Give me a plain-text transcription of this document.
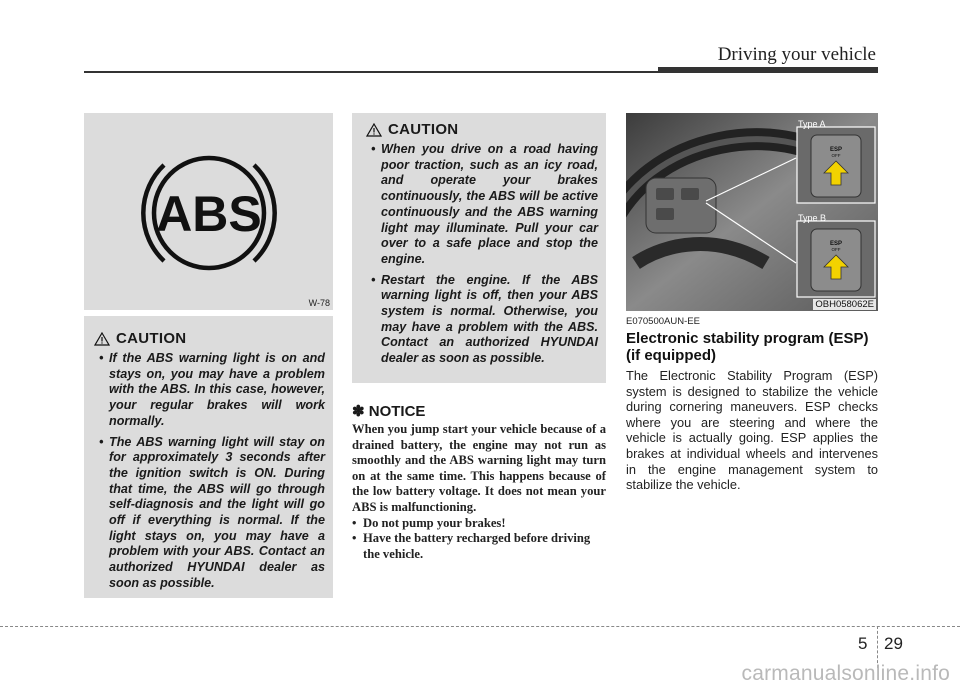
Driving your vehicle
ABS
W-78
CAUTION
• If the ABS warning light is on and stays on, you may have a problem with the ABS. In this case, however, your regular brakes will work normally.
• The ABS warning light will stay on for approximately 3 seconds after the ignition switch is ON. During that time, the ABS will go through self-diagnosis and the light will go off if everything is normal. If the light stays on, you may have a problem with your ABS. Contact an authorized HYUNDAI dealer as soon as possible.
CAUTION
• When you drive on a road having poor traction, such as an icy road, and operate your brakes continuously, the ABS will be active continuously and the ABS warning light may illuminate. Pull your car over to a safe place and stop the engine.
• Restart the engine. If the ABS warning light is off, then your ABS system is normal. Otherwise, you may have a problem with the ABS. Contact an authorized HYUNDAI dealer as soon as possible.
✽ NOTICE

When you jump start your vehicle because of a drained battery, the engine may not run as smoothly and the ABS warning light may turn on at the same time. This happens because of the low battery voltage. It does not mean your ABS is malfunctioning.

• Do not pump your brakes!
• Have the battery recharged before driving the vehicle.
ESP
OFF
ESP
OFF
Type A
Type B
OBH058062E
E070500AUN-EE
Electronic stability program (ESP) (if equipped)

The Electronic Stability Program (ESP) system is designed to stabilize the vehicle during cornering maneuvers. ESP checks where you are steering and where the vehicle is actually going. ESP applies the brakes at individual wheels and intervenes in the engine management system to stabilize the vehicle.

5 29
carmanualsonline.info
